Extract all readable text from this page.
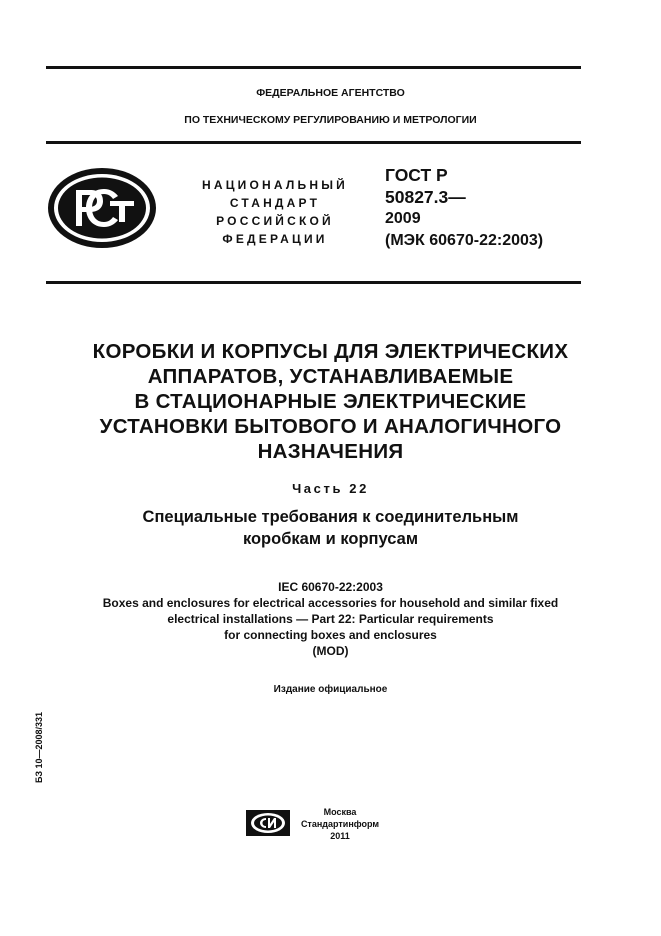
ФЕДЕРАЛЬНОЕ АГЕНТСТВО
ПО ТЕХНИЧЕСКОМУ РЕГУЛИРОВАНИЮ И МЕТРОЛОГИИ
НАЦИОНАЛЬНЫЙ
СТАНДАРТ
РОССИЙСКОЙ
ФЕДЕРАЦИИ
ГОСТ Р
50827.3—
2009
(МЭК 60670-22:2003)
КОРОБКИ И КОРПУСЫ ДЛЯ ЭЛЕКТРИЧЕСКИХ
АППАРАТОВ, УСТАНАВЛИВАЕМЫЕ
В СТАЦИОНАРНЫЕ ЭЛЕКТРИЧЕСКИЕ
УСТАНОВКИ БЫТОВОГО И АНАЛОГИЧНОГО
НАЗНАЧЕНИЯ
Часть 22
Специальные требования к соединительным
коробкам и корпусам
IEC 60670-22:2003
Boxes and enclosures for electrical accessories for household and similar fixed
electrical installations — Part 22: Particular requirements
for connecting boxes and enclosures
(MOD)
Издание официальное
БЗ 10—2008/331
Москва
Стандартинформ
2011
